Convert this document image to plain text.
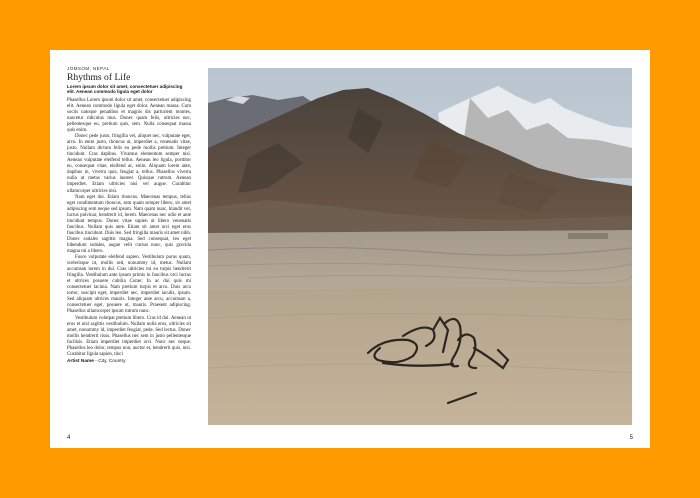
JOMSOM, NEPAL
Rhythms of Life
Lorem ipsum dolor sit amet, consectetuer adipiscing elit. Aenean commodo ligula eget dolor

Phasellus Lorem ipsum dolor sit amet, consectetuer adipiscing elit. Aenean commodo ligula eget dolor. Aenean massa. Cum sociis natoque penatibus et magnis dis parturient montes, nascetur ridiculus mus. Donec quam felis, ultricies nec, pellentesque eu, pretium quis, sem. Nulla consequat massa quis enim.

Donec pede justo, fringilla vel, aliquet nec, vulputate eget, arcu. In enim justo, rhoncus ut, imperdiet a, venenatis vitae, justo. Nullam dictum felis eu pede mollis pretium. Integer tincidunt. Cras dapibus. Vivamus elementum semper nisi. Aenean vulputate eleifend tellus. Aenean leo ligula, porttitor eu, consequat vitae, eleifend ac, enim. Aliquam lorem ante, dapibus in, viverra quis, feugiat a, tellus. Phasellus viverra nulla ut metus varius laoreet. Quisque rutrum. Aenean imperdiet. Etiam ultricies nisi vel augue. Curabitur ullamcorper ultricies nisi.

Nam eget dui. Etiam rhoncus. Maecenas tempus, tellus eget condimentum rhoncus, sem quam semper libero, sit amet adipiscing sem neque sed ipsum. Nam quam nunc, blandit vel, luctus pulvinar, hendrerit id, lorem. Maecenas nec odio et ante tincidunt tempus. Donec vitae sapien ut libero venenatis faucibus. Nullam quis ante. Etiam sit amet orci eget eros faucibus tincidunt. Duis leo. Sed fringilla mauris sit amet nibh. Donec sodales sagittis magna. Sed consequat, leo eget bibendum sodales, augue velit cursus nunc, quis gravida magna mi a libero.

Fusce vulputate eleifend sapien. Vestibulum purus quam, scelerisque ut, mollis sed, nonummy id, metus. Nullam accumsan lorem in dui. Cras ultricies mi eu turpis hendrerit fringilla. Vestibulum ante ipsum primis in faucibus orci luctus et ultrices posuere cubilia Curae; In ac dui quis mi consectetuer lacinia. Nam pretium turpis et arcu. Duis arcu tortor, suscipit eget, imperdiet nec, imperdiet iaculis, ipsum. Sed aliquam ultrices mauris. Integer ante arcu, accumsan a, consectetuer eget, posuere ut, mauris. Praesent adipiscing. Phasellus ullamcorper ipsum rutrum nunc.

Vestibulum volutpat pretium libero. Cras id dui. Aenean ut eros et nisl sagittis vestibulum. Nullam nulla eros, ultricies sit amet, nonummy id, imperdiet feugiat, pede. Sed lectus. Donec mollis hendrerit risus. Phasellus nec sem in justo pellentesque facilisis. Etiam imperdiet imperdiet orci. Nunc nec neque. Phasellus leo dolor, tempus non, auctor et, hendrerit quis, nisi. Curabitur ligula sapien, tinci

Artist Name - City, Country
4	5
